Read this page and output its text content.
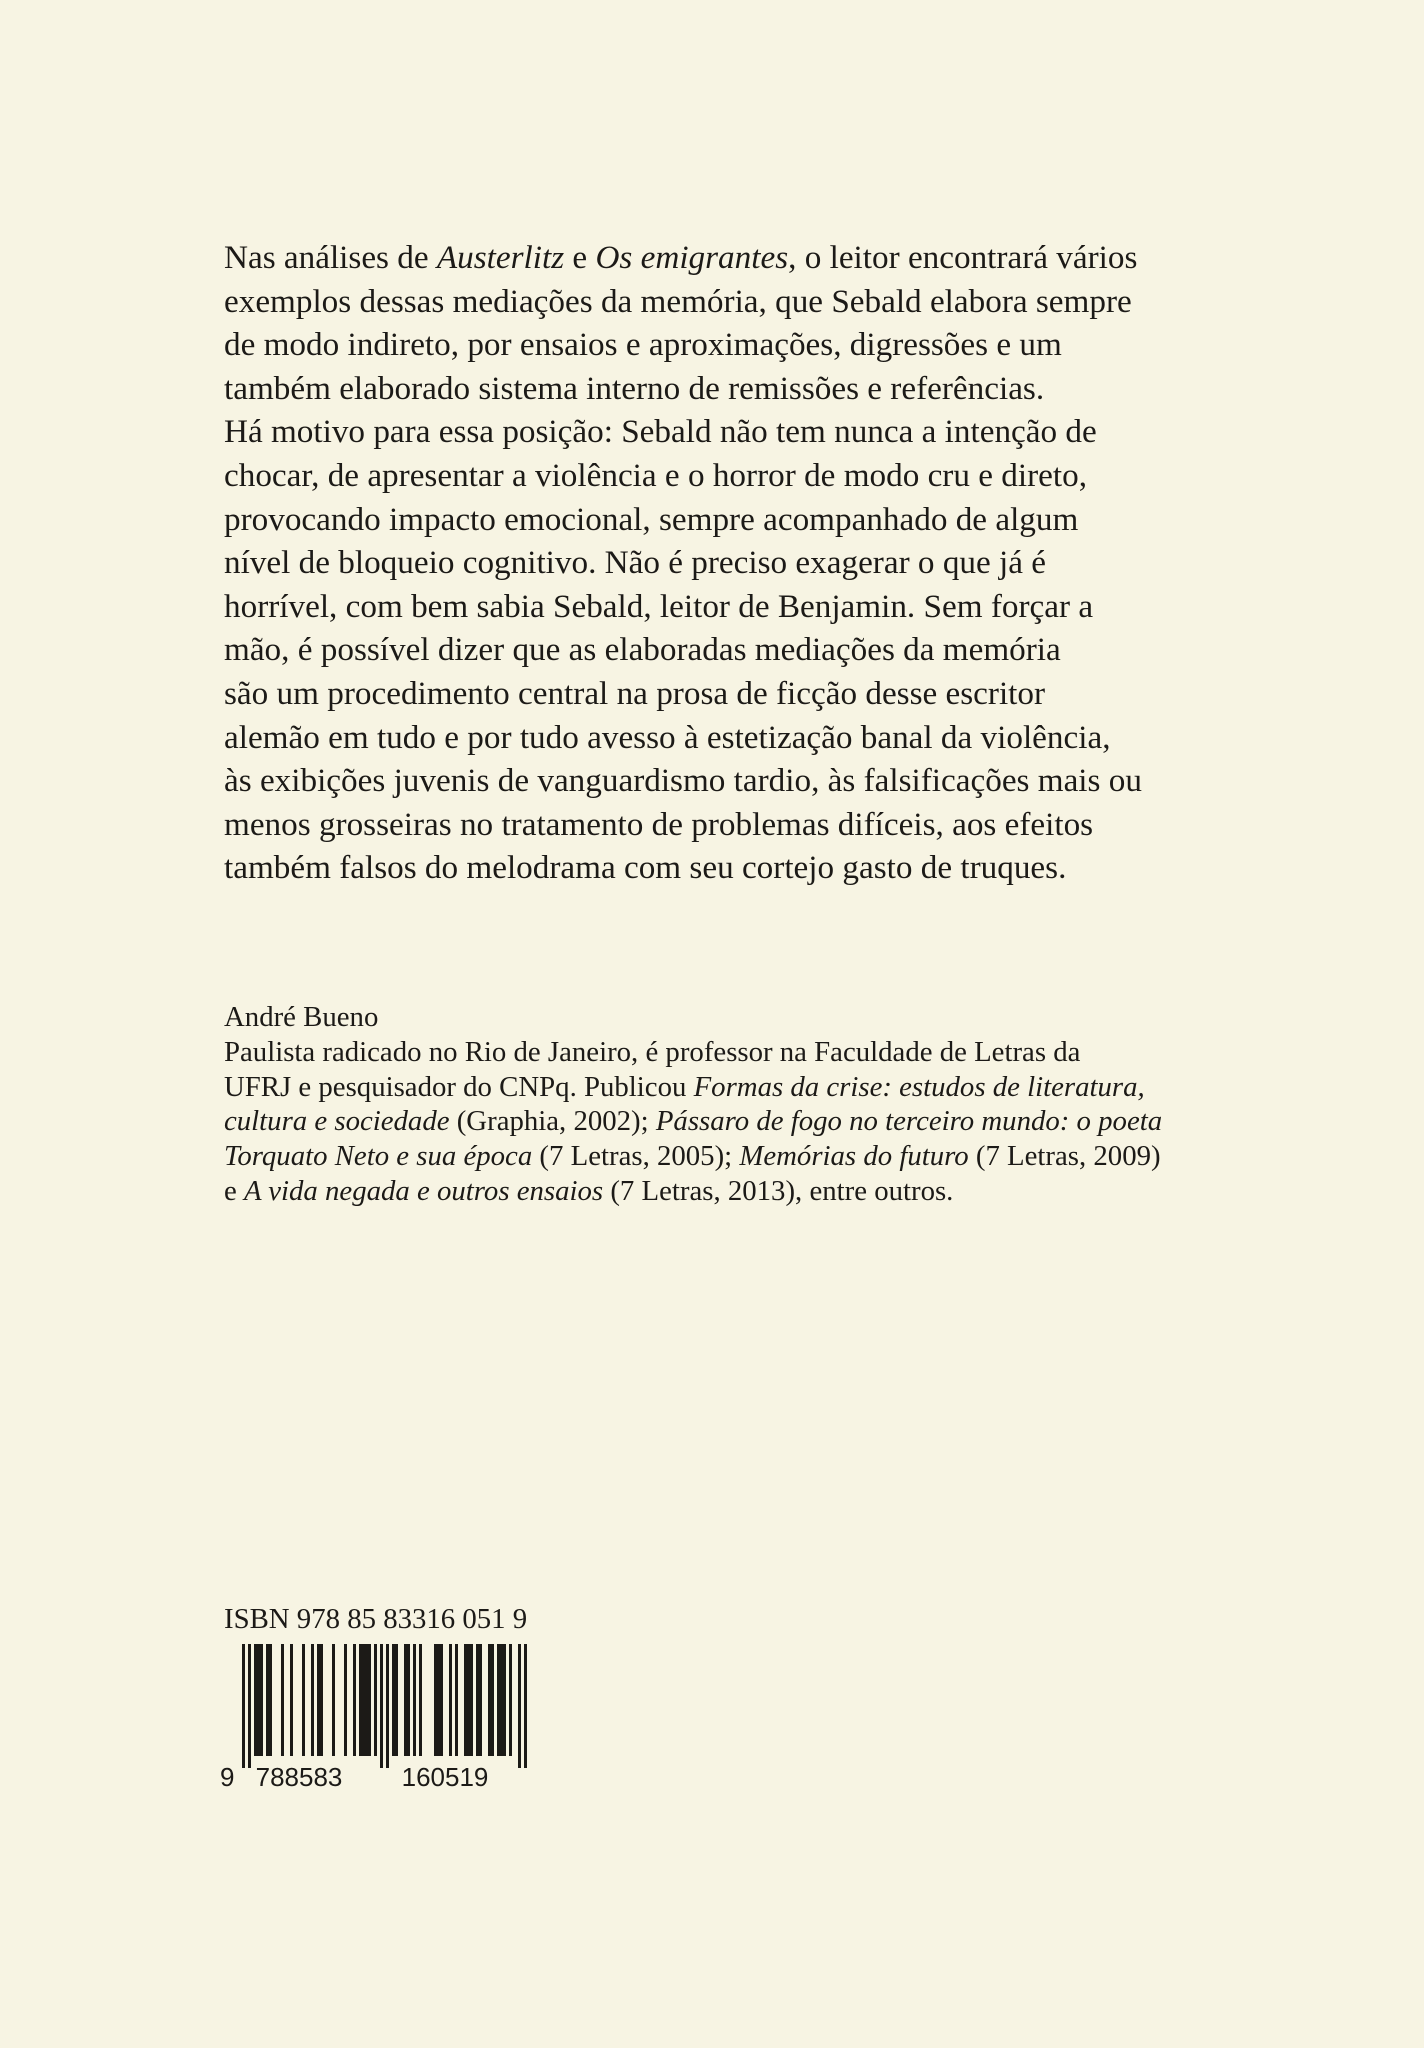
Nas análises de Austerlitz e Os emigrantes, o leitor encontrará vários
exemplos dessas mediações da memória, que Sebald elabora sempre
de modo indireto, por ensaios e aproximações, digressões e um
também elaborado sistema interno de remissões e referências.
Há motivo para essa posição: Sebald não tem nunca a intenção de
chocar, de apresentar a violência e o horror de modo cru e direto,
provocando impacto emocional, sempre acompanhado de algum
nível de bloqueio cognitivo. Não é preciso exagerar o que já é
horrível, com bem sabia Sebald, leitor de Benjamin. Sem forçar a
mão, é possível dizer que as elaboradas mediações da memória
são um procedimento central na prosa de ficção desse escritor
alemão em tudo e por tudo avesso à estetização banal da violência,
às exibições juvenis de vanguardismo tardio, às falsificações mais ou
menos grosseiras no tratamento de problemas difíceis, aos efeitos
também falsos do melodrama com seu cortejo gasto de truques.
André Bueno
Paulista radicado no Rio de Janeiro, é professor na Faculdade de Letras da
UFRJ e pesquisador do CNPq. Publicou Formas da crise: estudos de literatura,
cultura e sociedade (Graphia, 2002); Pássaro de fogo no terceiro mundo: o poeta
Torquato Neto e sua época (7 Letras, 2005); Memórias do futuro (7 Letras, 2009)
e A vida negada e outros ensaios (7 Letras, 2013), entre outros.
ISBN 978 85 83316 051 9
9 788583 160519
